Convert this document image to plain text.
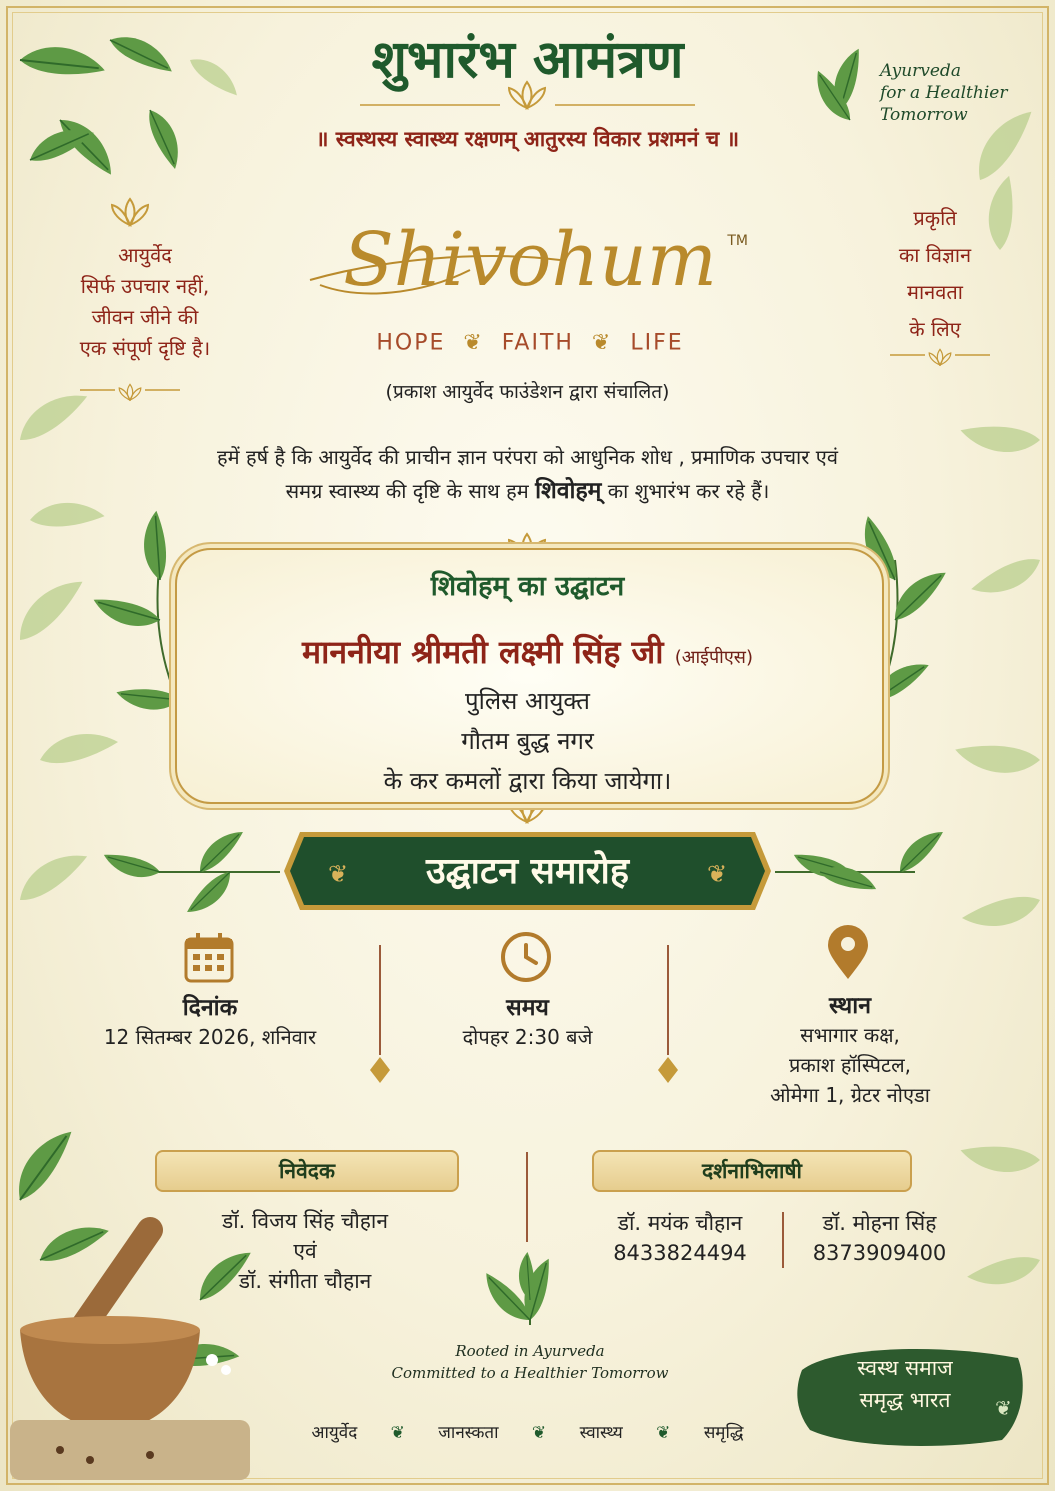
शुभारंभ आमंत्रण
॥ स्वस्थस्य स्वास्थ्य रक्षणम् आतुरस्य विकार प्रशमनं च ॥
Ayurveda
for a Healthier
Tomorrow
आयुर्वेद
सिर्फ उपचार नहीं,
जीवन जीने की
एक संपूर्ण दृष्टि है।
प्रकृति
का विज्ञान
मानवता
के लिए
Shivohum TM
HOPE  ❦  FAITH  ❦  LIFE
(प्रकाश आयुर्वेद फाउंडेशन द्वारा संचालित)
हमें हर्ष है कि आयुर्वेद की प्राचीन ज्ञान परंपरा को आधुनिक शोध , प्रमाणिक उपचार एवं
समग्र स्वास्थ्य की दृष्टि के साथ हम शिवोहम् का शुभारंभ कर रहे हैं।
शिवोहम् का उद्घाटन
माननीया श्रीमती लक्ष्मी सिंह जी (आईपीएस)
पुलिस आयुक्त
गौतम बुद्ध नगर
के कर कमलों द्वारा किया जायेगा।
❦	❦
उद्घाटन समारोह
दिनांक
12 सितम्बर 2026, शनिवार
समय
दोपहर 2:30 बजे
स्थान
सभागार कक्ष,
प्रकाश हॉस्पिटल,
ओमेगा 1, ग्रेटर नोएडा
निवेदक
डॉ. विजय सिंह चौहान
एवं
डॉ. संगीता चौहान
दर्शनाभिलाषी
डॉ. मयंक चौहान
8433824494
डॉ. मोहना सिंह
8373909400
Rooted in Ayurveda
Committed to a Healthier Tomorrow
❦
स्वस्थ समाज
समृद्ध भारत
आयुर्वेद ❦ जानस्कता ❦ स्वास्थ्य ❦ समृद्धि
